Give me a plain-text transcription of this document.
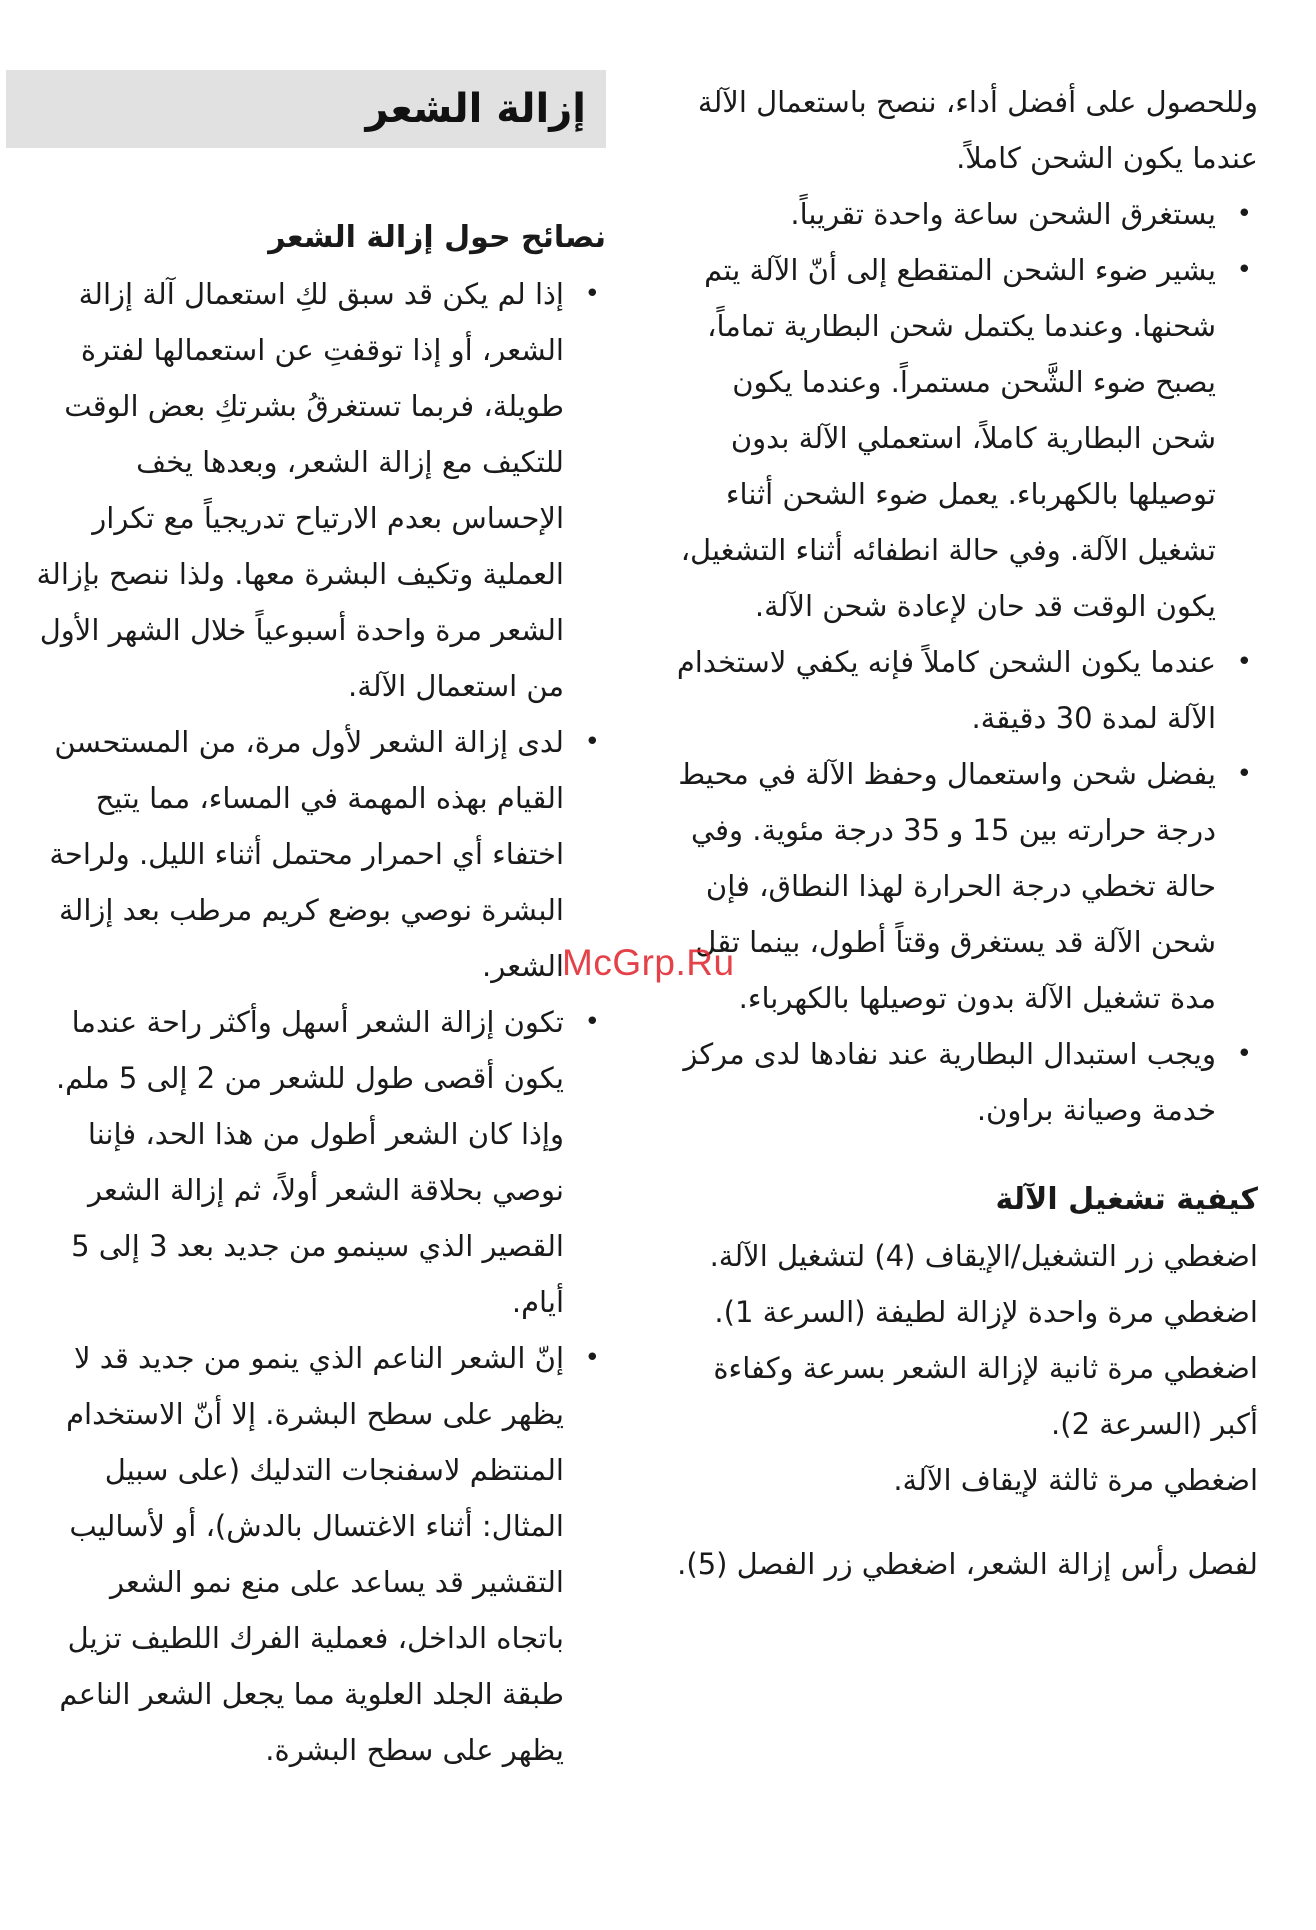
إزالة الشعر
نصائح حول إزالة الشعر
• إذا لم يكن قد سبق لكِ استعمال آلة إزالة الشعر، أو إذا توقفتِ عن استعمالها لفترة طويلة، فربما تستغرقُ بشرتكِ بعض الوقت للتكيف مع إزالة الشعر، وبعدها يخف الإحساس بعدم الارتياح تدريجياً مع تكرار العملية وتكيف البشرة معها. ولذا ننصح بإزالة الشعر مرة واحدة أسبوعياً خلال الشهر الأول من استعمال الآلة.
• لدى إزالة الشعر لأول مرة، من المستحسن القيام بهذه المهمة في المساء، مما يتيح اختفاء أي احمرار محتمل أثناء الليل. ولراحة البشرة نوصي بوضع كريم مرطب بعد إزالة الشعر.
• تكون إزالة الشعر أسهل وأكثر راحة عندما يكون أقصى طول للشعر من 2 إلى 5 ملم. وإذا كان الشعر أطول من هذا الحد، فإننا نوصي بحلاقة الشعر أولاً، ثم إزالة الشعر القصير الذي سينمو من جديد بعد 3 إلى 5 أيام.
• إنّ الشعر الناعم الذي ينمو من جديد قد لا يظهر على سطح البشرة. إلا أنّ الاستخدام المنتظم لاسفنجات التدليك (على سبيل المثال: أثناء الاغتسال بالدش)، أو لأساليب التقشير قد يساعد على منع نمو الشعر باتجاه الداخل، فعملية الفرك اللطيف تزيل طبقة الجلد العلوية مما يجعل الشعر الناعم يظهر على سطح البشرة.

وللحصول على أفضل أداء، ننصح باستعمال الآلة عندما يكون الشحن كاملاً.

• يستغرق الشحن ساعة واحدة تقريباً.
• يشير ضوء الشحن المتقطع إلى أنّ الآلة يتم شحنها. وعندما يكتمل شحن البطارية تماماً، يصبح ضوء الشَّحن مستمراً. وعندما يكون شحن البطارية كاملاً، استعملي الآلة بدون توصيلها بالكهرباء. يعمل ضوء الشحن أثناء تشغيل الآلة. وفي حالة انطفائه أثناء التشغيل، يكون الوقت قد حان لإعادة شحن الآلة.
• عندما يكون الشحن كاملاً فإنه يكفي لاستخدام الآلة لمدة 30 دقيقة.
• يفضل شحن واستعمال وحفظ الآلة في محيط درجة حرارته بين 15 و 35 درجة مئوية. وفي حالة تخطي درجة الحرارة لهذا النطاق، فإن شحن الآلة قد يستغرق وقتاً أطول، بينما تقل مدة تشغيل الآلة بدون توصيلها بالكهرباء.
• ويجب استبدال البطارية عند نفادها لدى مركز خدمة وصيانة براون.
كيفية تشغيل الآلة

اضغطي زر التشغيل/الإيقاف (4) لتشغيل الآلة.

اضغطي مرة واحدة لإزالة لطيفة (السرعة 1).

اضغطي مرة ثانية لإزالة الشعر بسرعة وكفاءة أكبر (السرعة 2).

اضغطي مرة ثالثة لإيقاف الآلة.

لفصل رأس إزالة الشعر، اضغطي زر الفصل (5).

McGrp.Ru
